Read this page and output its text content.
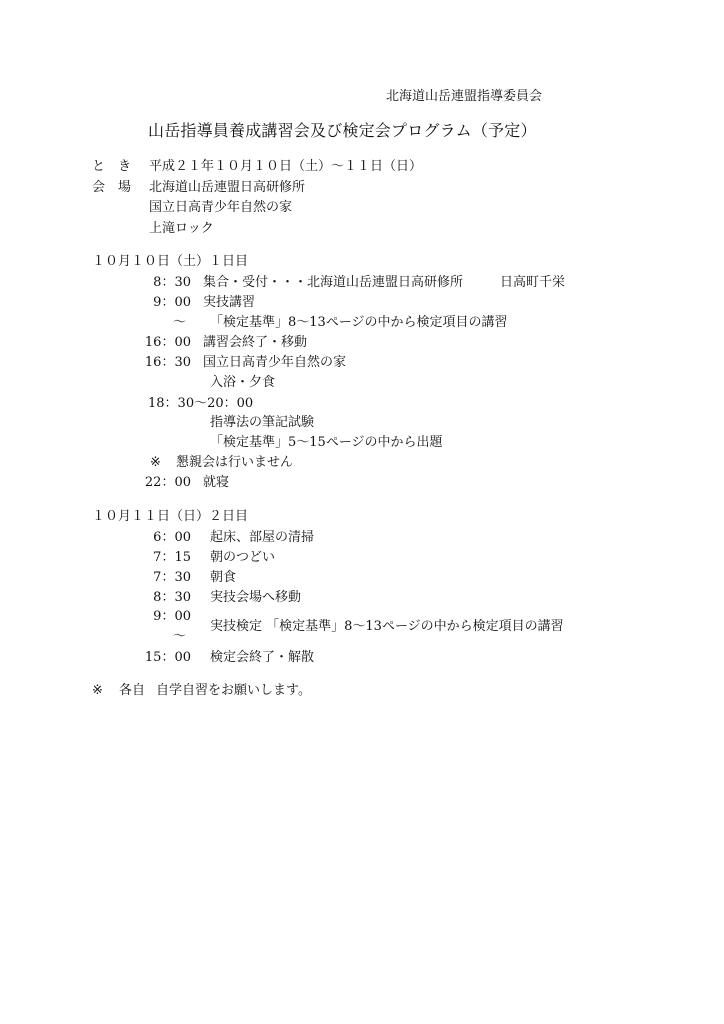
北海道山岳連盟指導委員会
山岳指導員養成講習会及び検定会プログラム（予定）
と　き 平成２１年１０月１０日（土）～１１日（日）
会　場 北海道山岳連盟日高研修所
国立日高青少年自然の家
上滝ロック
１０月１０日（土）１日目
8：30 集合・受付・・・北海道山岳連盟日高研修所	日高町千栄
9：00 実技講習
～ 「検定基準」8～13ページの中から検定項目の講習
16：00 講習会終了・移動
16：30 国立日高青少年自然の家
入浴・夕食
18：30～20：00
指導法の筆記試験
「検定基準」5～15ページの中から出題
※ 懇親会は行いません
22：00 就寝
１０月１１日（日）２日目
6：00 起床、部屋の清掃
7：15 朝のつどい
7：30 朝食
8：30 実技会場へ移動
9：00
～
実技検定 「検定基準」8～13ページの中から検定項目の講習
15：00 検定会終了・解散
※ 各自 自学自習をお願いします。
